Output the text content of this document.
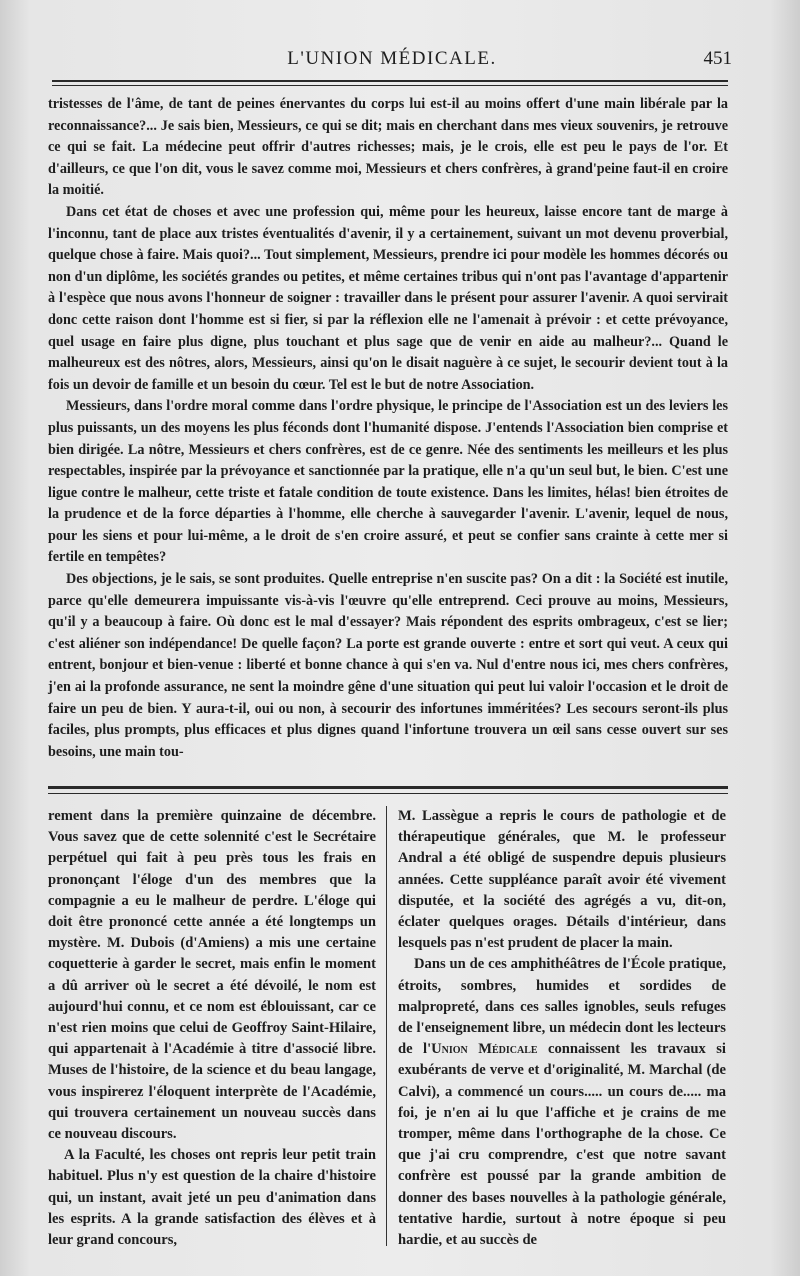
L'UNION MÉDICALE.	451

tristesses de l'âme, de tant de peines énervantes du corps lui est-il au moins offert d'une main libérale par la reconnaissance?... Je sais bien, Messieurs, ce qui se dit; mais en cherchant dans mes vieux souvenirs, je retrouve ce qui se fait. La médecine peut offrir d'autres richesses; mais, je le crois, elle est peu le pays de l'or. Et d'ailleurs, ce que l'on dit, vous le savez comme moi, Messieurs et chers confrères, à grand'peine faut-il en croire la moitié.

Dans cet état de choses et avec une profession qui, même pour les heureux, laisse encore tant de marge à l'inconnu, tant de place aux tristes éventualités d'avenir, il y a certainement, suivant un mot devenu proverbial, quelque chose à faire. Mais quoi?... Tout simplement, Messieurs, prendre ici pour modèle les hommes décorés ou non d'un diplôme, les sociétés grandes ou petites, et même certaines tribus qui n'ont pas l'avantage d'appartenir à l'espèce que nous avons l'honneur de soigner : travailler dans le présent pour assurer l'avenir. A quoi servirait donc cette raison dont l'homme est si fier, si par la réflexion elle ne l'amenait à prévoir : et cette prévoyance, quel usage en faire plus digne, plus touchant et plus sage que de venir en aide au malheur?... Quand le malheureux est des nôtres, alors, Messieurs, ainsi qu'on le disait naguère à ce sujet, le secourir devient tout à la fois un devoir de famille et un besoin du cœur. Tel est le but de notre Association.

Messieurs, dans l'ordre moral comme dans l'ordre physique, le principe de l'Association est un des leviers les plus puissants, un des moyens les plus féconds dont l'humanité dispose. J'entends l'Association bien comprise et bien dirigée. La nôtre, Messieurs et chers confrères, est de ce genre. Née des sentiments les meilleurs et les plus respectables, inspirée par la prévoyance et sanctionnée par la pratique, elle n'a qu'un seul but, le bien. C'est une ligue contre le malheur, cette triste et fatale condition de toute existence. Dans les limites, hélas! bien étroites de la prudence et de la force départies à l'homme, elle cherche à sauvegarder l'avenir. L'avenir, lequel de nous, pour les siens et pour lui-même, a le droit de s'en croire assuré, et peut se confier sans crainte à cette mer si fertile en tempêtes?

Des objections, je le sais, se sont produites. Quelle entreprise n'en suscite pas? On a dit : la Société est inutile, parce qu'elle demeurera impuissante vis-à-vis l'œuvre qu'elle entreprend. Ceci prouve au moins, Messieurs, qu'il y a beaucoup à faire. Où donc est le mal d'essayer? Mais répondent des esprits ombrageux, c'est se lier; c'est aliéner son indépendance! De quelle façon? La porte est grande ouverte : entre et sort qui veut. A ceux qui entrent, bonjour et bien-venue : liberté et bonne chance à qui s'en va. Nul d'entre nous ici, mes chers confrères, j'en ai la profonde assurance, ne sent la moindre gêne d'une situation qui peut lui valoir l'occasion et le droit de faire un peu de bien. Y aura-t-il, oui ou non, à secourir des infortunes imméritées? Les secours seront-ils plus faciles, plus prompts, plus efficaces et plus dignes quand l'infortune trouvera un œil sans cesse ouvert sur ses besoins, une main tou-

rement dans la première quinzaine de décembre. Vous savez que de cette solennité c'est le Secrétaire perpétuel qui fait à peu près tous les frais en prononçant l'éloge d'un des membres que la compagnie a eu le malheur de perdre. L'éloge qui doit être prononcé cette année a été longtemps un mystère. M. Dubois (d'Amiens) a mis une certaine coquetterie à garder le secret, mais enfin le moment a dû arriver où le secret a été dévoilé, le nom est aujourd'hui connu, et ce nom est éblouissant, car ce n'est rien moins que celui de Geoffroy Saint-Hilaire, qui appartenait à l'Académie à titre d'associé libre. Muses de l'histoire, de la science et du beau langage, vous inspirerez l'éloquent interprète de l'Académie, qui trouvera certainement un nouveau succès dans ce nouveau discours.

A la Faculté, les choses ont repris leur petit train habituel. Plus n'y est question de la chaire d'histoire qui, un instant, avait jeté un peu d'animation dans les esprits. A la grande satisfaction des élèves et à leur grand concours,

M. Lassègue a repris le cours de pathologie et de thérapeutique générales, que M. le professeur Andral a été obligé de suspendre depuis plusieurs années. Cette suppléance paraît avoir été vivement disputée, et la société des agrégés a vu, dit-on, éclater quelques orages. Détails d'intérieur, dans lesquels pas n'est prudent de placer la main.

Dans un de ces amphithéâtres de l'École pratique, étroits, sombres, humides et sordides de malpropreté, dans ces salles ignobles, seuls refuges de l'enseignement libre, un médecin dont les lecteurs de l'Union Médicale connaissent les travaux si exubérants de verve et d'originalité, M. Marchal (de Calvi), a commencé un cours..... un cours de..... ma foi, je n'en ai lu que l'affiche et je crains de me tromper, même dans l'orthographe de la chose. Ce que j'ai cru comprendre, c'est que notre savant confrère est poussé par la grande ambition de donner des bases nouvelles à la pathologie générale, tentative hardie, surtout à notre époque si peu hardie, et au succès de
